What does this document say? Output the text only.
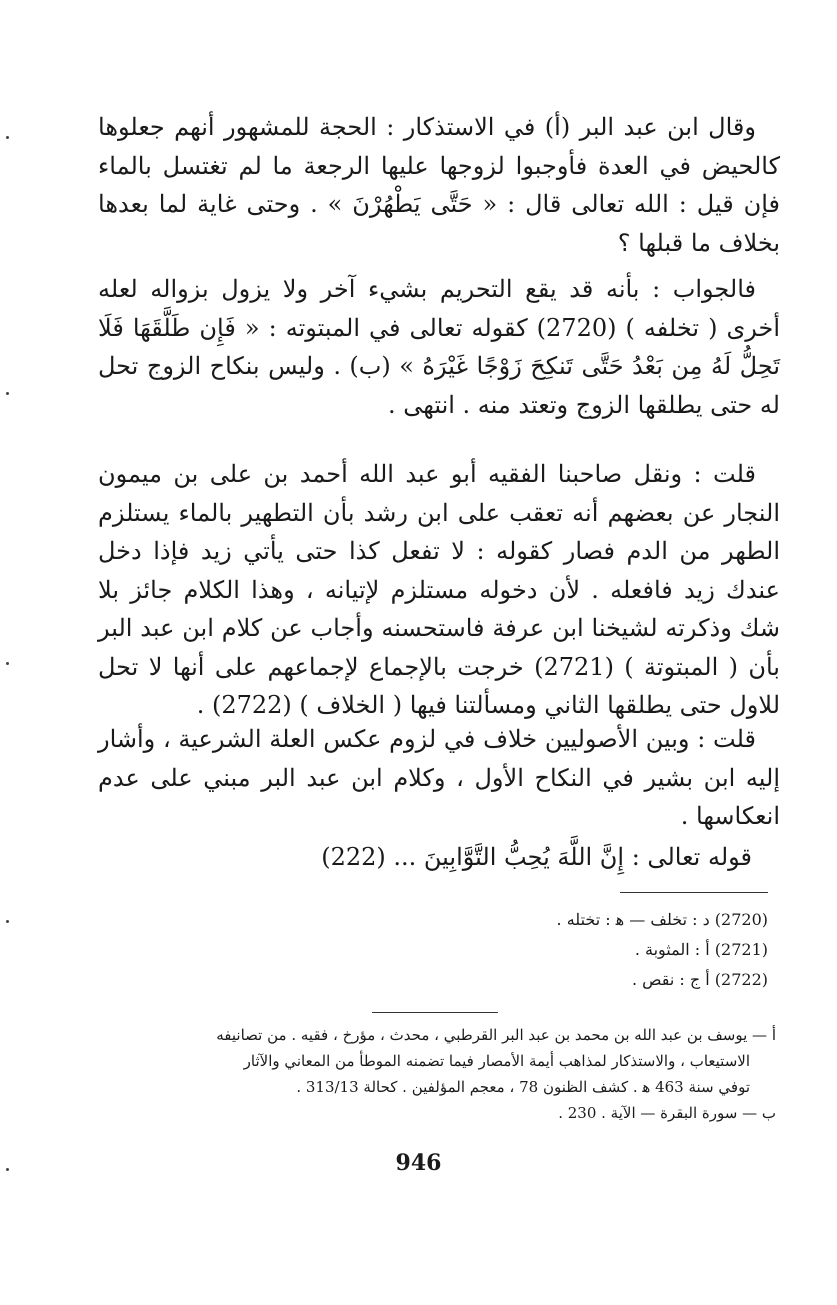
وقال ابن عبد البر (أ) في الاستذكار : الحجة للمشهور أنهم جعلوها كالحيض في العدة فأوجبوا لزوجها عليها الرجعة ما لم تغتسل بالماء فإن قيل : الله تعالى قال : « حَتَّى يَطْهُرْنَ » . وحتى غاية لما بعدها بخلاف ما قبلها ؟

فالجواب : بأنه قد يقع التحريم بشيء آخر ولا يزول بزواله لعله أخرى ( تخلفه ) (2720) كقوله تعالى في المبتوته : « فَإِن طَلَّقَهَا فَلَا تَحِلُّ لَهُ مِن بَعْدُ حَتَّى تَنكِحَ زَوْجًا غَيْرَهُ » (ب) . وليس بنكاح الزوج تحل له حتى يطلقها الزوج وتعتد منه . انتهى .

قلت : ونقل صاحبنا الفقيه أبو عبد الله أحمد بن على بن ميمون النجار عن بعضهم أنه تعقب على ابن رشد بأن التطهير بالماء يستلزم الطهر من الدم فصار كقوله : لا تفعل كذا حتى يأتي زيد فإذا دخل عندك زيد فافعله . لأن دخوله مستلزم لإتيانه ، وهذا الكلام جائز بلا شك وذكرته لشيخنا ابن عرفة فاستحسنه وأجاب عن كلام ابن عبد البر بأن ( المبتوتة ) (2721) خرجت بالإجماع لإجماعهم على أنها لا تحل للاول حتى يطلقها الثاني ومسألتنا فيها ( الخلاف ) (2722) .

قلت : وبين الأصوليين خلاف في لزوم عكس العلة الشرعية ، وأشار إليه ابن بشير في النكاح الأول ، وكلام ابن عبد البر مبني على عدم انعكاسها .

قوله تعالى : إِنَّ اللَّهَ يُحِبُّ التَّوَّابِينَ ... (222)
(2720) د : تخلف — ﻫ : تختله .
(2721) أ : المثوبة .
(2722) أ ج : نقص .
أ — يوسف بن عبد الله بن محمد بن عبد البر القرطبي ، محدث ، مؤرخ ، فقيه . من تصانيفه
الاستيعاب ، والاستذكار لمذاهب أيمة الأمصار فيما تضمنه الموطأ من المعاني والآثار
توفي سنة 463 ﻫ . كشف الظنون 78 ، معجم المؤلفين . كحالة 313/13 .
ب — سورة البقرة — الآية . 230 .
946
